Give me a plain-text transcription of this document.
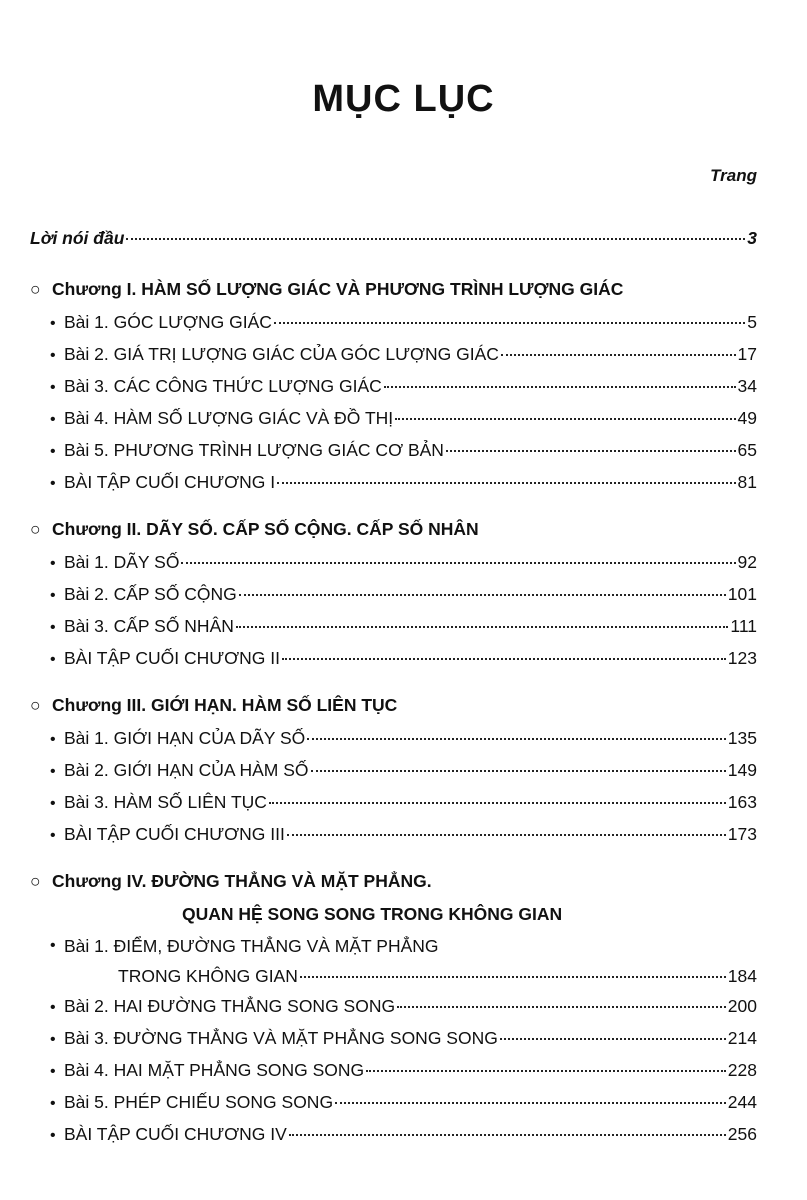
MỤC LỤC
Trang
Lời nói đầu	3
○ Chương I. HÀM SỐ LƯỢNG GIÁC VÀ PHƯƠNG TRÌNH LƯỢNG GIÁC
• Bài 1. GÓC LƯỢNG GIÁC	5
• Bài 2. GIÁ TRỊ LƯỢNG GIÁC CỦA GÓC LƯỢNG GIÁC	17
• Bài 3. CÁC CÔNG THỨC LƯỢNG GIÁC	34
• Bài 4. HÀM SỐ LƯỢNG GIÁC VÀ ĐỒ THỊ	49
• Bài 5. PHƯƠNG TRÌNH LƯỢNG GIÁC CƠ BẢN	65
• BÀI TẬP CUỐI CHƯƠNG I	81
○ Chương II. DÃY SỐ. CẤP SỐ CỘNG. CẤP SỐ NHÂN
• Bài 1. DÃY SỐ	92
• Bài 2. CẤP SỐ CỘNG	101
• Bài 3. CẤP SỐ NHÂN	111
• BÀI TẬP CUỐI CHƯƠNG II	123
○ Chương III. GIỚI HẠN. HÀM SỐ LIÊN TỤC
• Bài 1. GIỚI HẠN CỦA DÃY SỐ	135
• Bài 2. GIỚI HẠN CỦA HÀM SỐ	149
• Bài 3. HÀM SỐ LIÊN TỤC	163
• BÀI TẬP CUỐI CHƯƠNG III	173
○ Chương IV. ĐƯỜNG THẲNG VÀ MẶT PHẲNG.
QUAN HỆ SONG SONG TRONG KHÔNG GIAN
• Bài 1. ĐIỂM, ĐƯỜNG THẲNG VÀ MẶT PHẲNG
TRONG KHÔNG GIAN	184
• Bài 2. HAI ĐƯỜNG THẲNG SONG SONG	200
• Bài 3. ĐƯỜNG THẲNG VÀ MẶT PHẲNG SONG SONG	214
• Bài 4. HAI MẶT PHẲNG SONG SONG	228
• Bài 5. PHÉP CHIẾU SONG SONG	244
• BÀI TẬP CUỐI CHƯƠNG IV	256
